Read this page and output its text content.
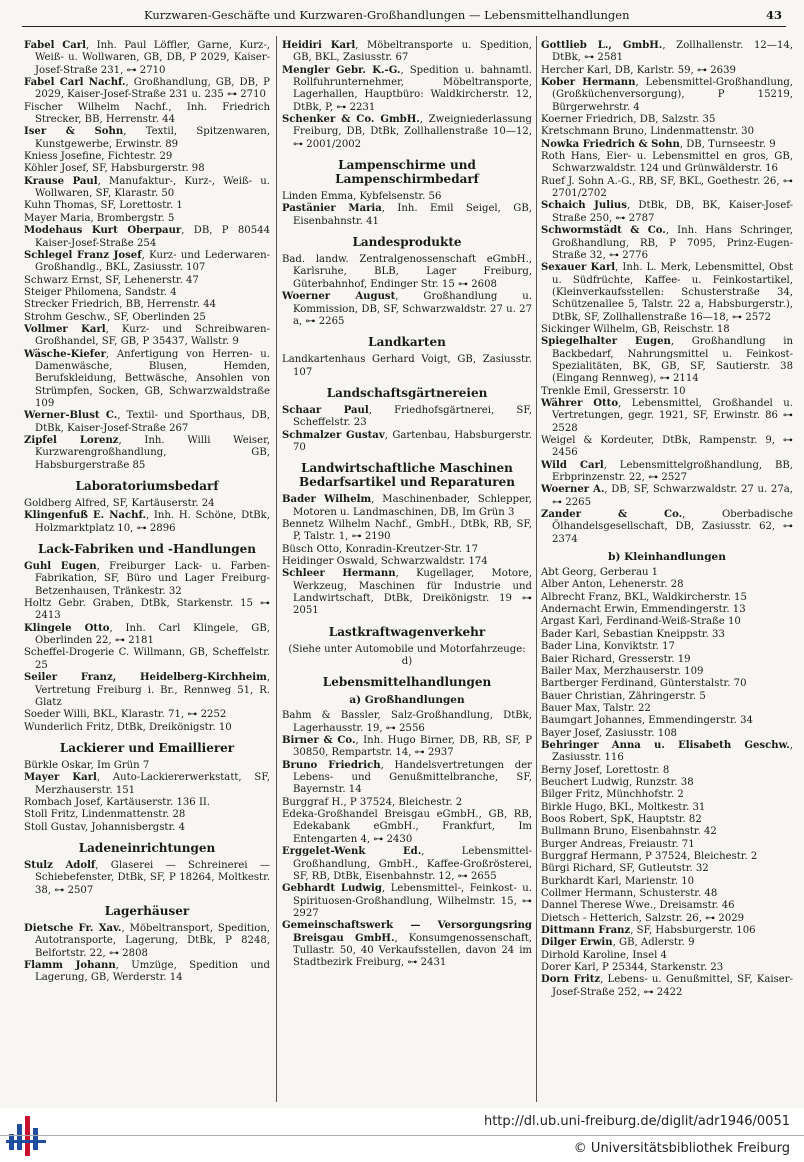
Kurzwaren-Geschäfte und Kurzwaren-Großhandlungen — Lebensmittelhandlungen	43
Fabel Carl, Inh. Paul Löffler, Garne, Kurz-, Weiß- u. Wollwaren, GB, DB, P 2029, Kaiser-Josef-Straße 231, ⊶ 2710
Fabel Carl Nachf., Großhandlung, GB, DB, P 2029, Kaiser-Josef-Straße 231 u. 235 ⊶ 2710
Fischer Wilhelm Nachf., Inh. Friedrich Strecker, BB, Herrenstr. 44
Iser & Sohn, Textil, Spitzenwaren, Kunstgewerbe, Erwinstr. 89
Kniess Josefine, Fichtestr. 29
Köhler Josef, SF, Habsburgerstr. 98
Krause Paul, Manufaktur-, Kurz-, Weiß- u. Wollwaren, SF, Klarastr. 50
Kuhn Thomas, SF, Lorettostr. 1
Mayer Maria, Brombergstr. 5
Modehaus Kurt Oberpaur, DB, P 80544 Kaiser-Josef-Straße 254
Schlegel Franz Josef, Kurz- und Lederwaren-Großhandlg., BKL, Zasiusstr. 107
Schwarz Ernst, SF, Lehenerstr. 47
Steiger Philomena, Sandstr. 4
Strecker Friedrich, BB, Herrenstr. 44
Strohm Geschw., SF, Oberlinden 25
Vollmer Karl, Kurz- und Schreibwaren-Großhandel, SF, GB, P 35437, Wallstr. 9
Wäsche-Kiefer, Anfertigung von Herren- u. Damenwäsche, Blusen, Hemden, Berufskleidung, Bettwäsche, Ansohlen von Strümpfen, Socken, GB, Schwarzwaldstraße 109
Werner-Blust C., Textil- und Sporthaus, DB, DtBk, Kaiser-Josef-Straße 267
Zipfel Lorenz, Inh. Willi Weiser, Kurzwarengroßhandlung, GB, Habsburgerstraße 85
Laboratoriumsbedarf
Goldberg Alfred, SF, Kartäuserstr. 24
Klingenfuß E. Nachf., Inh. H. Schöne, DtBk, Holzmarktplatz 10, ⊶ 2896
Lack-Fabriken und -Handlungen
Guhl Eugen, Freiburger Lack- u. Farben-Fabrikation, SF, Büro und Lager Freiburg-Betzenhausen, Tränkestr. 32
Holtz Gebr. Graben, DtBk, Starkenstr. 15 ⊶ 2413
Klingele Otto, Inh. Carl Klingele, GB, Oberlinden 22, ⊶ 2181
Scheffel-Drogerie C. Willmann, GB, Scheffelstr. 25
Seiler Franz, Heidelberg-Kirchheim, Vertretung Freiburg i. Br., Rennweg 51, R. Glatz
Soeder Willi, BKL, Klarastr. 71, ⊶ 2252
Wunderlich Fritz, DtBk, Dreikönigstr. 10
Lackierer und Emaillierer
Bürkle Oskar, Im Grün 7
Mayer Karl, Auto-Lackiererwerkstatt, SF, Merzhauserstr. 151
Rombach Josef, Kartäuserstr. 136 II.
Stoll Fritz, Lindenmattenstr. 28
Stoll Gustav, Johannisbergstr. 4
Ladeneinrichtungen
Stulz Adolf, Glaserei — Schreinerei — Schiebefenster, DtBk, SF, P 18264, Moltkestr. 38, ⊶ 2507
Lagerhäuser
Dietsche Fr. Xav., Möbeltransport, Spedition, Autotransporte, Lagerung, DtBk, P 8248, Belfortstr. 22, ⊶ 2808
Flamm Johann, Umzüge, Spedition und Lagerung, GB, Werderstr. 14
Heidiri Karl, Möbeltransporte u. Spedition, GB, BKL, Zasiusstr. 67
Mengler Gebr. K.-G., Spedition u. bahnamtl. Rollfuhrunternehmer, Möbeltransporte, Lagerhallen, Hauptbüro: Waldkircherstr. 12, DtBk, P, ⊶ 2231
Schenker & Co. GmbH., Zweigniederlassung Freiburg, DB, DtBk, Zollhallenstraße 10—12, ⊶ 2001/2002
Lampenschirme und Lampenschirmbedarf
Linden Emma, Kybfelsenstr. 56
Pastänier Maria, Inh. Emil Seigel, GB, Eisenbahnstr. 41
Landesprodukte
Bad. landw. Zentralgenossenschaft eGmbH., Karlsruhe, BLB, Lager Freiburg, Güterbahnhof, Endinger Str. 15 ⊶ 2608
Woerner August, Großhandlung u. Kommission, DB, SF, Schwarzwaldstr. 27 u. 27 a, ⊶ 2265
Landkarten
Landkartenhaus Gerhard Voigt, GB, Zasiusstr. 107
Landschaftsgärtnereien
Schaar Paul, Friedhofsgärtnerei, SF, Scheffelstr. 23
Schmalzer Gustav, Gartenbau, Habsburgerstr. 70
Landwirtschaftliche Maschinen Bedarfsartikel und Reparaturen
Bader Wilhelm, Maschinenbader, Schlepper, Motoren u. Landmaschinen, DB, Im Grün 3
Bennetz Wilhelm Nachf., GmbH., DtBk, RB, SF, P, Talstr. 1, ⊶ 2190
Büsch Otto, Konradin-Kreutzer-Str. 17
Heidinger Oswald, Schwarzwaldstr. 174
Schleer Hermann, Kugellager, Motore, Werkzeug, Maschinen für Industrie und Landwirtschaft, DtBk, Dreikönigstr. 19 ⊶ 2051
Lastkraftwagenverkehr
(Siehe unter Automobile und Motorfahrzeuge: d)
Lebensmittelhandlungen
a) Großhandlungen
Bahm & Bassler, Salz-Großhandlung, DtBk, Lagerhausstr. 19, ⊶ 2556
Birner & Co., Inh. Hugo Birner, DB, RB, SF, P 30850, Rempartstr. 14, ⊶ 2937
Bruno Friedrich, Handelsvertretungen der Lebens- und Genußmittelbranche, SF, Bayernstr. 14
Burggraf H., P 37524, Bleichestr. 2
Edeka-Großhandel Breisgau eGmbH., GB, RB, Edekabank eGmbH., Frankfurt, Im Entengarten 4, ⊶ 2430
Erggelet-Wenk Ed., Lebensmittel-Großhandlung, GmbH., Kaffee-Großrösterei, SF, RB, DtBk, Eisenbahnstr. 12, ⊶ 2655
Gebhardt Ludwig, Lebensmittel-, Feinkost- u. Spirituosen-Großhandlung, Wilhelmstr. 15, ⊶ 2927
Gemeinschaftswerk — Versorgungsring Breisgau GmbH., Konsumgenossenschaft, Tullastr. 50, 40 Verkaufsstellen, davon 24 im Stadtbezirk Freiburg, ⊶ 2431
Gottlieb L., GmbH., Zollhallenstr. 12—14, DtBk, ⊶ 2581
Hercher Karl, DB, Karlstr. 59, ⊶ 2639
Kober Hermann, Lebensmittel-Großhandlung, (Großküchenversorgung), P 15219, Bürgerwehrstr. 4
Koerner Friedrich, DB, Salzstr. 35
Kretschmann Bruno, Lindenmattenstr. 30
Nowka Friedrich & Sohn, DB, Turnseestr. 9
Roth Hans, Eier- u. Lebensmittel en gros, GB, Schwarzwaldstr. 124 und Grünwälderstr. 16
Ruef J. Sohn A.-G., RB, SF, BKL, Goethestr. 26, ⊶ 2701/2702
Schaich Julius, DtBk, DB, BK, Kaiser-Josef-Straße 250, ⊶ 2787
Schwormstädt & Co., Inh. Hans Schringer, Großhandlung, RB, P 7095, Prinz-Eugen-Straße 32, ⊶ 2776
Sexauer Karl, Inh. L. Merk, Lebensmittel, Obst u. Südfrüchte, Kaffee- u. Feinkostartikel, (Kleinverkaufsstellen: Schusterstraße 34, Schützenallee 5, Talstr. 22 a, Habsburgerstr.), DtBk, SF, Zollhallenstraße 16—18, ⊶ 2572
Sickinger Wilhelm, GB, Reischstr. 18
Spiegelhalter Eugen, Großhandlung in Backbedarf, Nahrungsmittel u. Feinkost-Spezialitäten, BK, GB, SF, Sautierstr. 38 (Eingang Rennweg), ⊶ 2114
Trenkle Emil, Gresserstr. 10
Währer Otto, Lebensmittel, Großhandel u. Vertretungen, gegr. 1921, SF, Erwinstr. 86 ⊶ 2528
Weigel & Kordeuter, DtBk, Rampenstr. 9, ⊶ 2456
Wild Carl, Lebensmittelgroßhandlung, BB, Erbprinzenstr. 22, ⊶ 2527
Woerner A., DB, SF, Schwarzwaldstr. 27 u. 27a, ⊶ 2265
Zander & Co., Oberbadische Ölhandelsgesellschaft, DB, Zasiusstr. 62, ⊶ 2374
b) Kleinhandlungen
Abt Georg, Gerberau 1
Alber Anton, Lehenerstr. 28
Albrecht Franz, BKL, Waldkircherstr. 15
Andernacht Erwin, Emmendingerstr. 13
Argast Karl, Ferdinand-Weiß-Straße 10
Bader Karl, Sebastian Kneippstr. 33
Bader Lina, Konviktstr. 17
Baier Richard, Gresserstr. 19
Bailer Max, Merzhauserstr. 109
Bartberger Ferdinand, Günterstalstr. 70
Bauer Christian, Zähringerstr. 5
Bauer Max, Talstr. 22
Baumgart Johannes, Emmendingerstr. 34
Bayer Josef, Zasiusstr. 108
Behringer Anna u. Elisabeth Geschw., Zasiusstr. 116
Berny Josef, Lorettostr. 8
Beuchert Ludwig, Runzstr. 38
Bilger Fritz, Münchhofstr. 2
Birkle Hugo, BKL, Moltkestr. 31
Boos Robert, SpK, Hauptstr. 82
Bullmann Bruno, Eisenbahnstr. 42
Burger Andreas, Freiaustr. 71
Burggraf Hermann, P 37524, Bleichestr. 2
Bürgi Richard, SF, Gutleutstr. 32
Burkhardt Karl, Marienstr. 10
Collmer Hermann, Schusterstr. 48
Dannel Therese Wwe., Dreisamstr. 46
Dietsch - Hetterich, Salzstr. 26, ⊶ 2029
Dittmann Franz, SF, Habsburgerstr. 106
Dilger Erwin, GB, Adlerstr. 9
Dirhold Karoline, Insel 4
Dorer Karl, P 25344, Starkenstr. 23
Dorn Fritz, Lebens- u. Genußmittel, SF, Kaiser-Josef-Straße 252, ⊶ 2422
http://dl.ub.uni-freiburg.de/diglit/adr1946/0051
© Universitätsbibliothek Freiburg
